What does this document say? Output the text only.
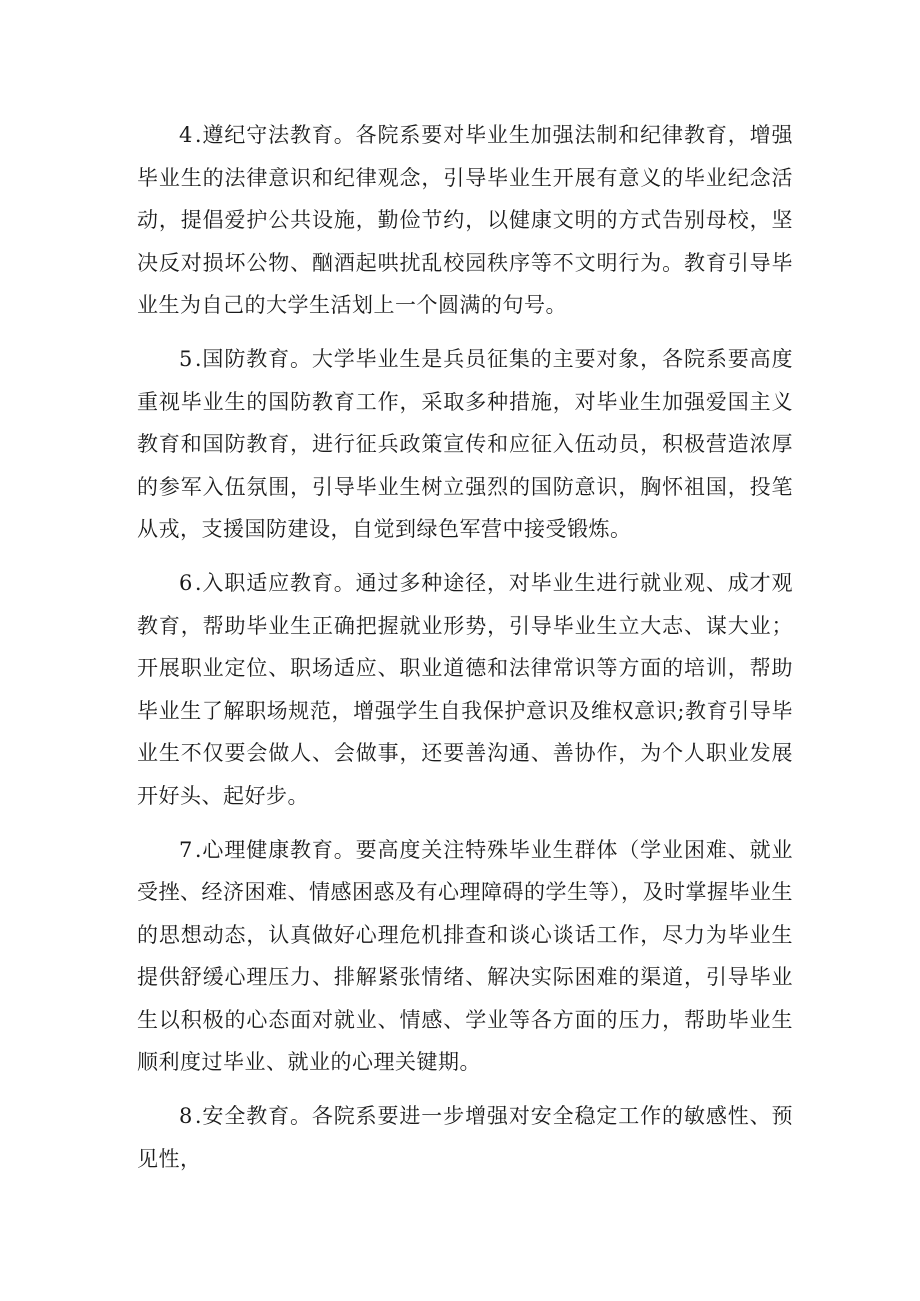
4.遵纪守法教育。各院系要对毕业生加强法制和纪律教育，增强毕业生的法律意识和纪律观念，引导毕业生开展有意义的毕业纪念活动，提倡爱护公共设施，勤俭节约，以健康文明的方式告别母校，坚决反对损坏公物、酗酒起哄扰乱校园秩序等不文明行为。教育引导毕业生为自己的大学生活划上一个圆满的句号。

5.国防教育。大学毕业生是兵员征集的主要对象，各院系要高度重视毕业生的国防教育工作，采取多种措施，对毕业生加强爱国主义教育和国防教育，进行征兵政策宣传和应征入伍动员，积极营造浓厚的参军入伍氛围，引导毕业生树立强烈的国防意识，胸怀祖国，投笔从戎，支援国防建设，自觉到绿色军营中接受锻炼。

6.入职适应教育。通过多种途径，对毕业生进行就业观、成才观教育，帮助毕业生正确把握就业形势，引导毕业生立大志、谋大业；开展职业定位、职场适应、职业道德和法律常识等方面的培训，帮助毕业生了解职场规范，增强学生自我保护意识及维权意识;教育引导毕业生不仅要会做人、会做事，还要善沟通、善协作，为个人职业发展开好头、起好步。

7.心理健康教育。要高度关注特殊毕业生群体（学业困难、就业受挫、经济困难、情感困惑及有心理障碍的学生等），及时掌握毕业生的思想动态，认真做好心理危机排查和谈心谈话工作，尽力为毕业生提供舒缓心理压力、排解紧张情绪、解决实际困难的渠道，引导毕业生以积极的心态面对就业、情感、学业等各方面的压力，帮助毕业生顺利度过毕业、就业的心理关键期。

8.安全教育。各院系要进一步增强对安全稳定工作的敏感性、预见性，
